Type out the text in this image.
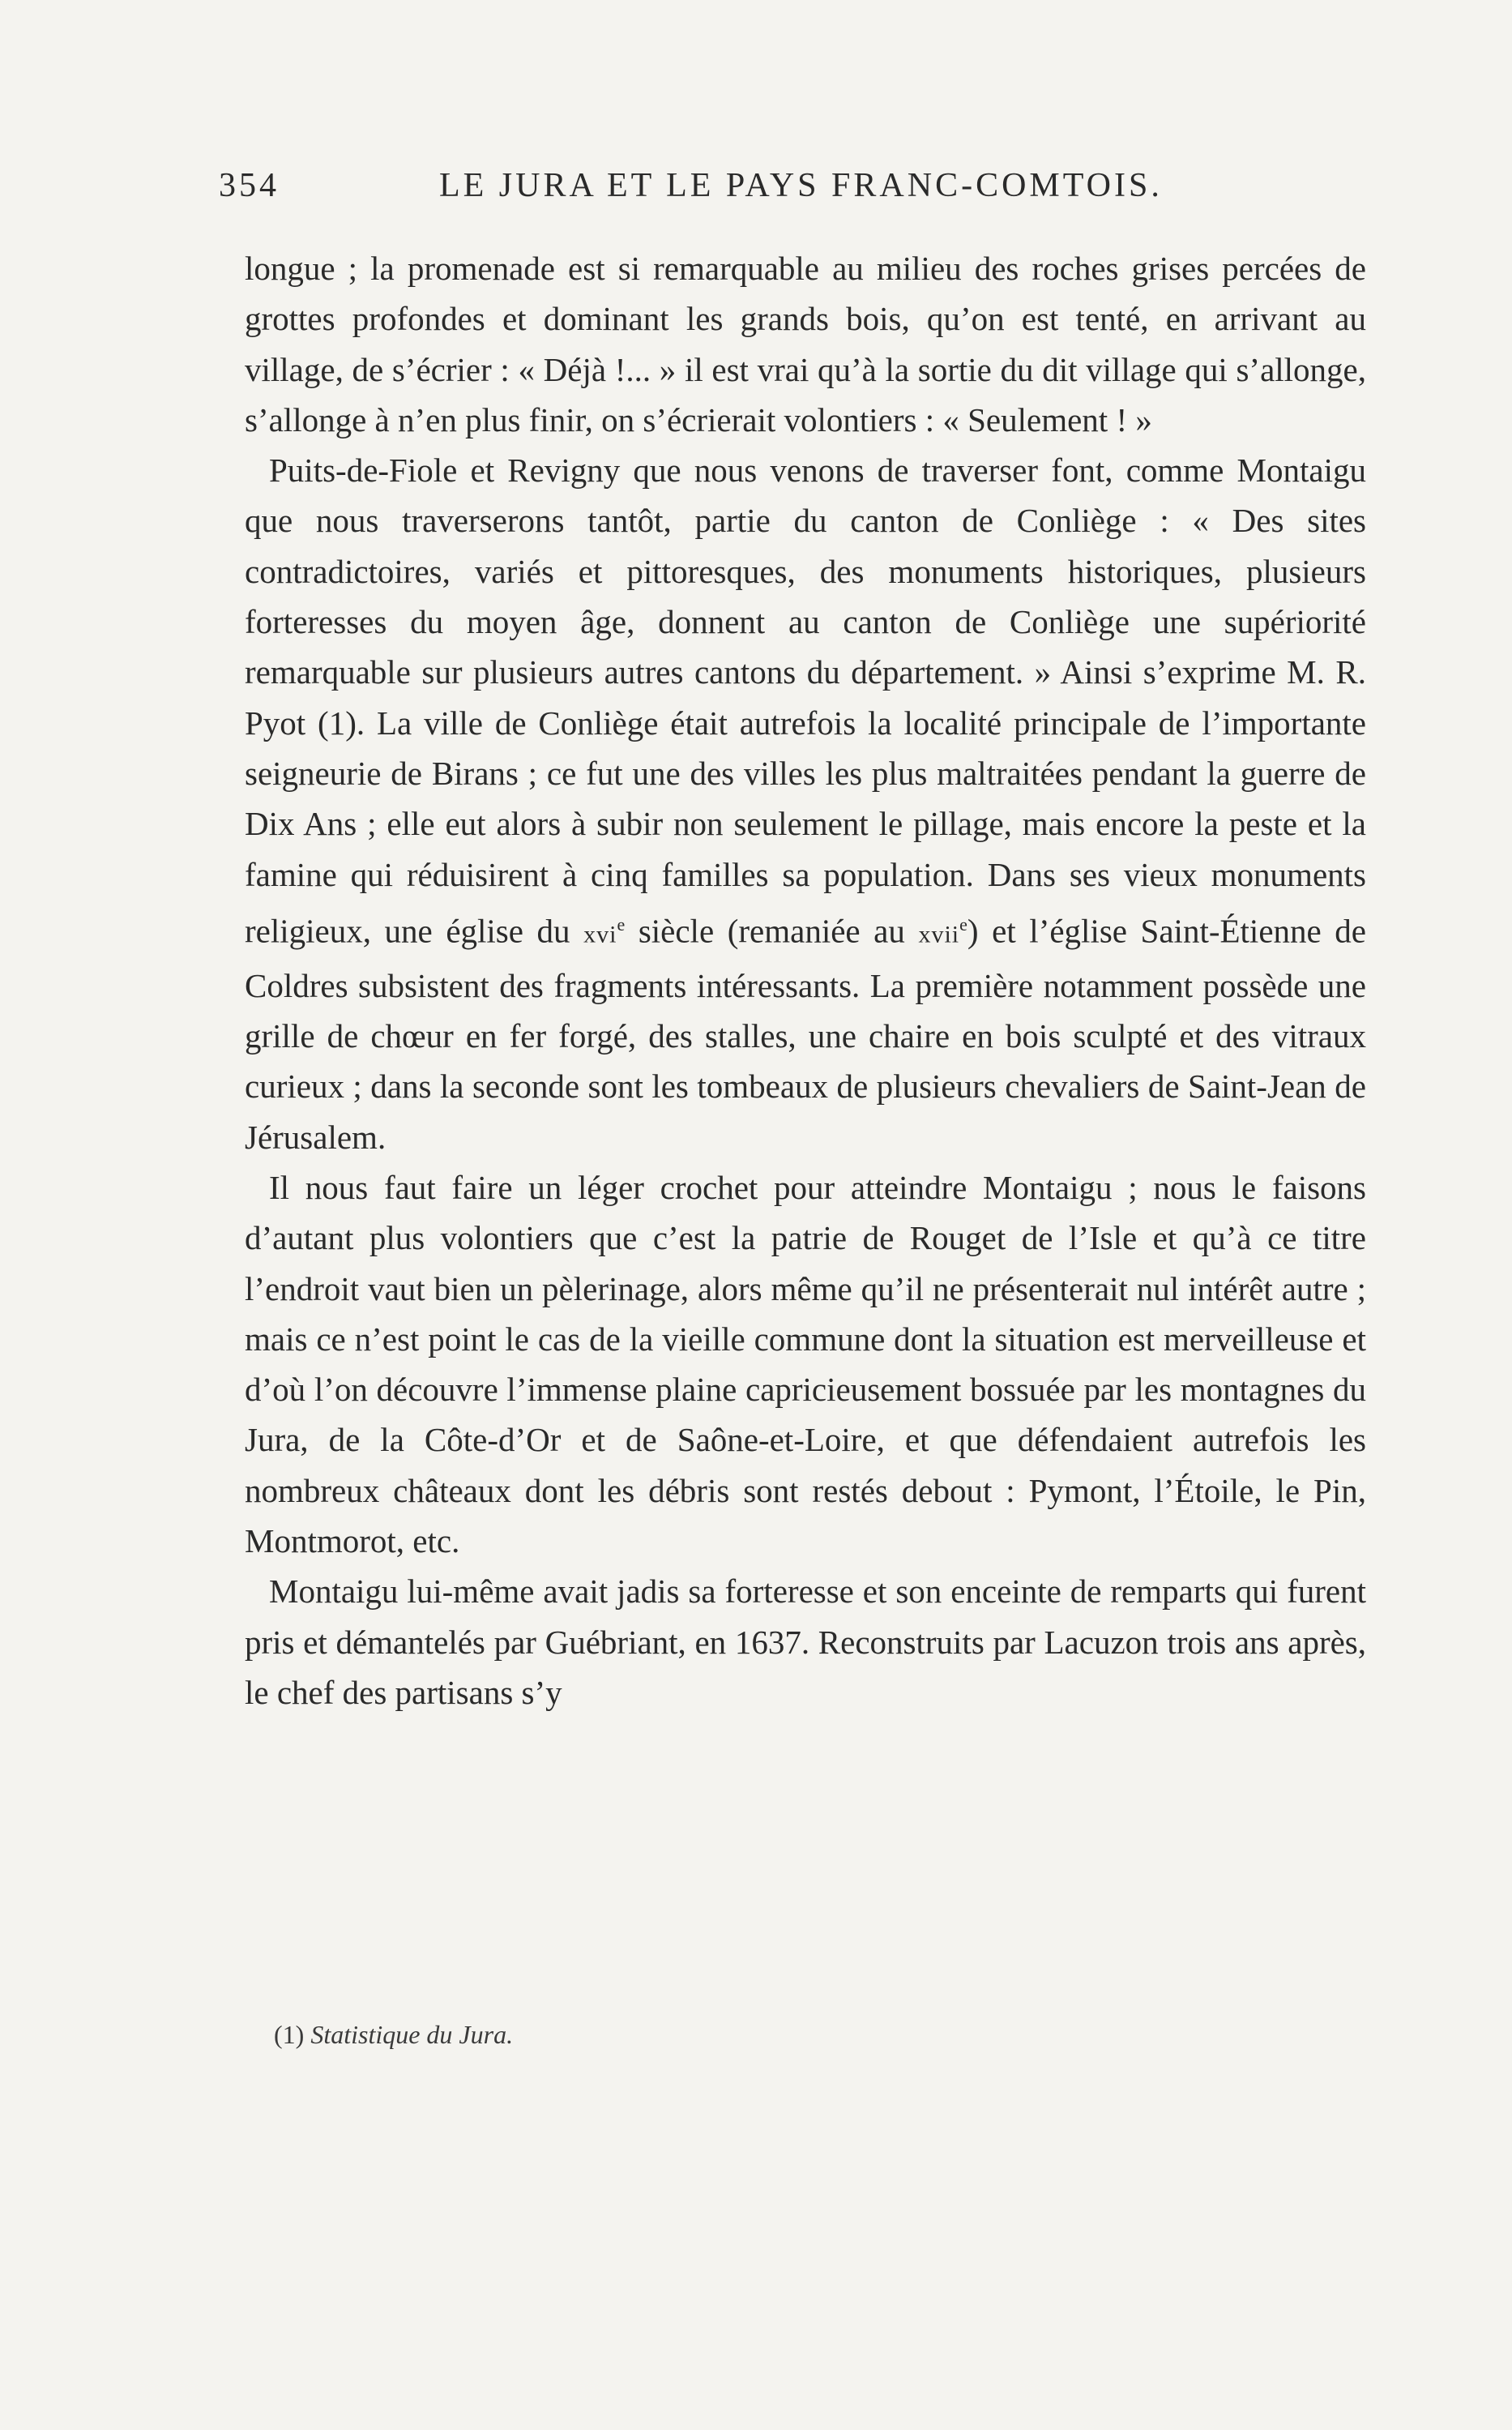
354	LE JURA ET LE PAYS FRANC-COMTOIS.

longue ; la promenade est si remarquable au milieu des roches grises percées de grottes profondes et dominant les grands bois, qu’on est tenté, en arrivant au village, de s’écrier : « Déjà !... » il est vrai qu’à la sortie du dit village qui s’allonge, s’allonge à n’en plus finir, on s’écrierait volontiers : « Seulement ! »

Puits-de-Fiole et Revigny que nous venons de traverser font, comme Montaigu que nous traverserons tantôt, partie du canton de Conliège : « Des sites contradictoires, variés et pittoresques, des monuments historiques, plusieurs forteresses du moyen âge, donnent au canton de Conliège une supériorité remarquable sur plusieurs autres cantons du département. » Ainsi s’exprime M. R. Pyot (1). La ville de Conliège était autrefois la localité principale de l’importante seigneurie de Birans ; ce fut une des villes les plus maltraitées pendant la guerre de Dix Ans ; elle eut alors à subir non seulement le pillage, mais encore la peste et la famine qui réduisirent à cinq familles sa population. Dans ses vieux monuments religieux, une église du xvi$^e$ siècle (remaniée au xvii$^e$) et l’église Saint-Étienne de Coldres subsistent des fragments intéressants. La première notamment possède une grille de chœur en fer forgé, des stalles, une chaire en bois sculpté et des vitraux curieux ; dans la seconde sont les tombeaux de plusieurs chevaliers de Saint-Jean de Jérusalem.

Il nous faut faire un léger crochet pour atteindre Montaigu ; nous le faisons d’autant plus volontiers que c’est la patrie de Rouget de l’Isle et qu’à ce titre l’endroit vaut bien un pèlerinage, alors même qu’il ne présenterait nul intérêt autre ; mais ce n’est point le cas de la vieille commune dont la situation est merveilleuse et d’où l’on découvre l’immense plaine capricieusement bossuée par les montagnes du Jura, de la Côte-d’Or et de Saône-et-Loire, et que défendaient autrefois les nombreux châteaux dont les débris sont restés debout : Pymont, l’Étoile, le Pin, Montmorot, etc.

Montaigu lui-même avait jadis sa forteresse et son enceinte de remparts qui furent pris et démantelés par Guébriant, en 1637. Reconstruits par Lacuzon trois ans après, le chef des partisans s’y

(1) Statistique du Jura.
